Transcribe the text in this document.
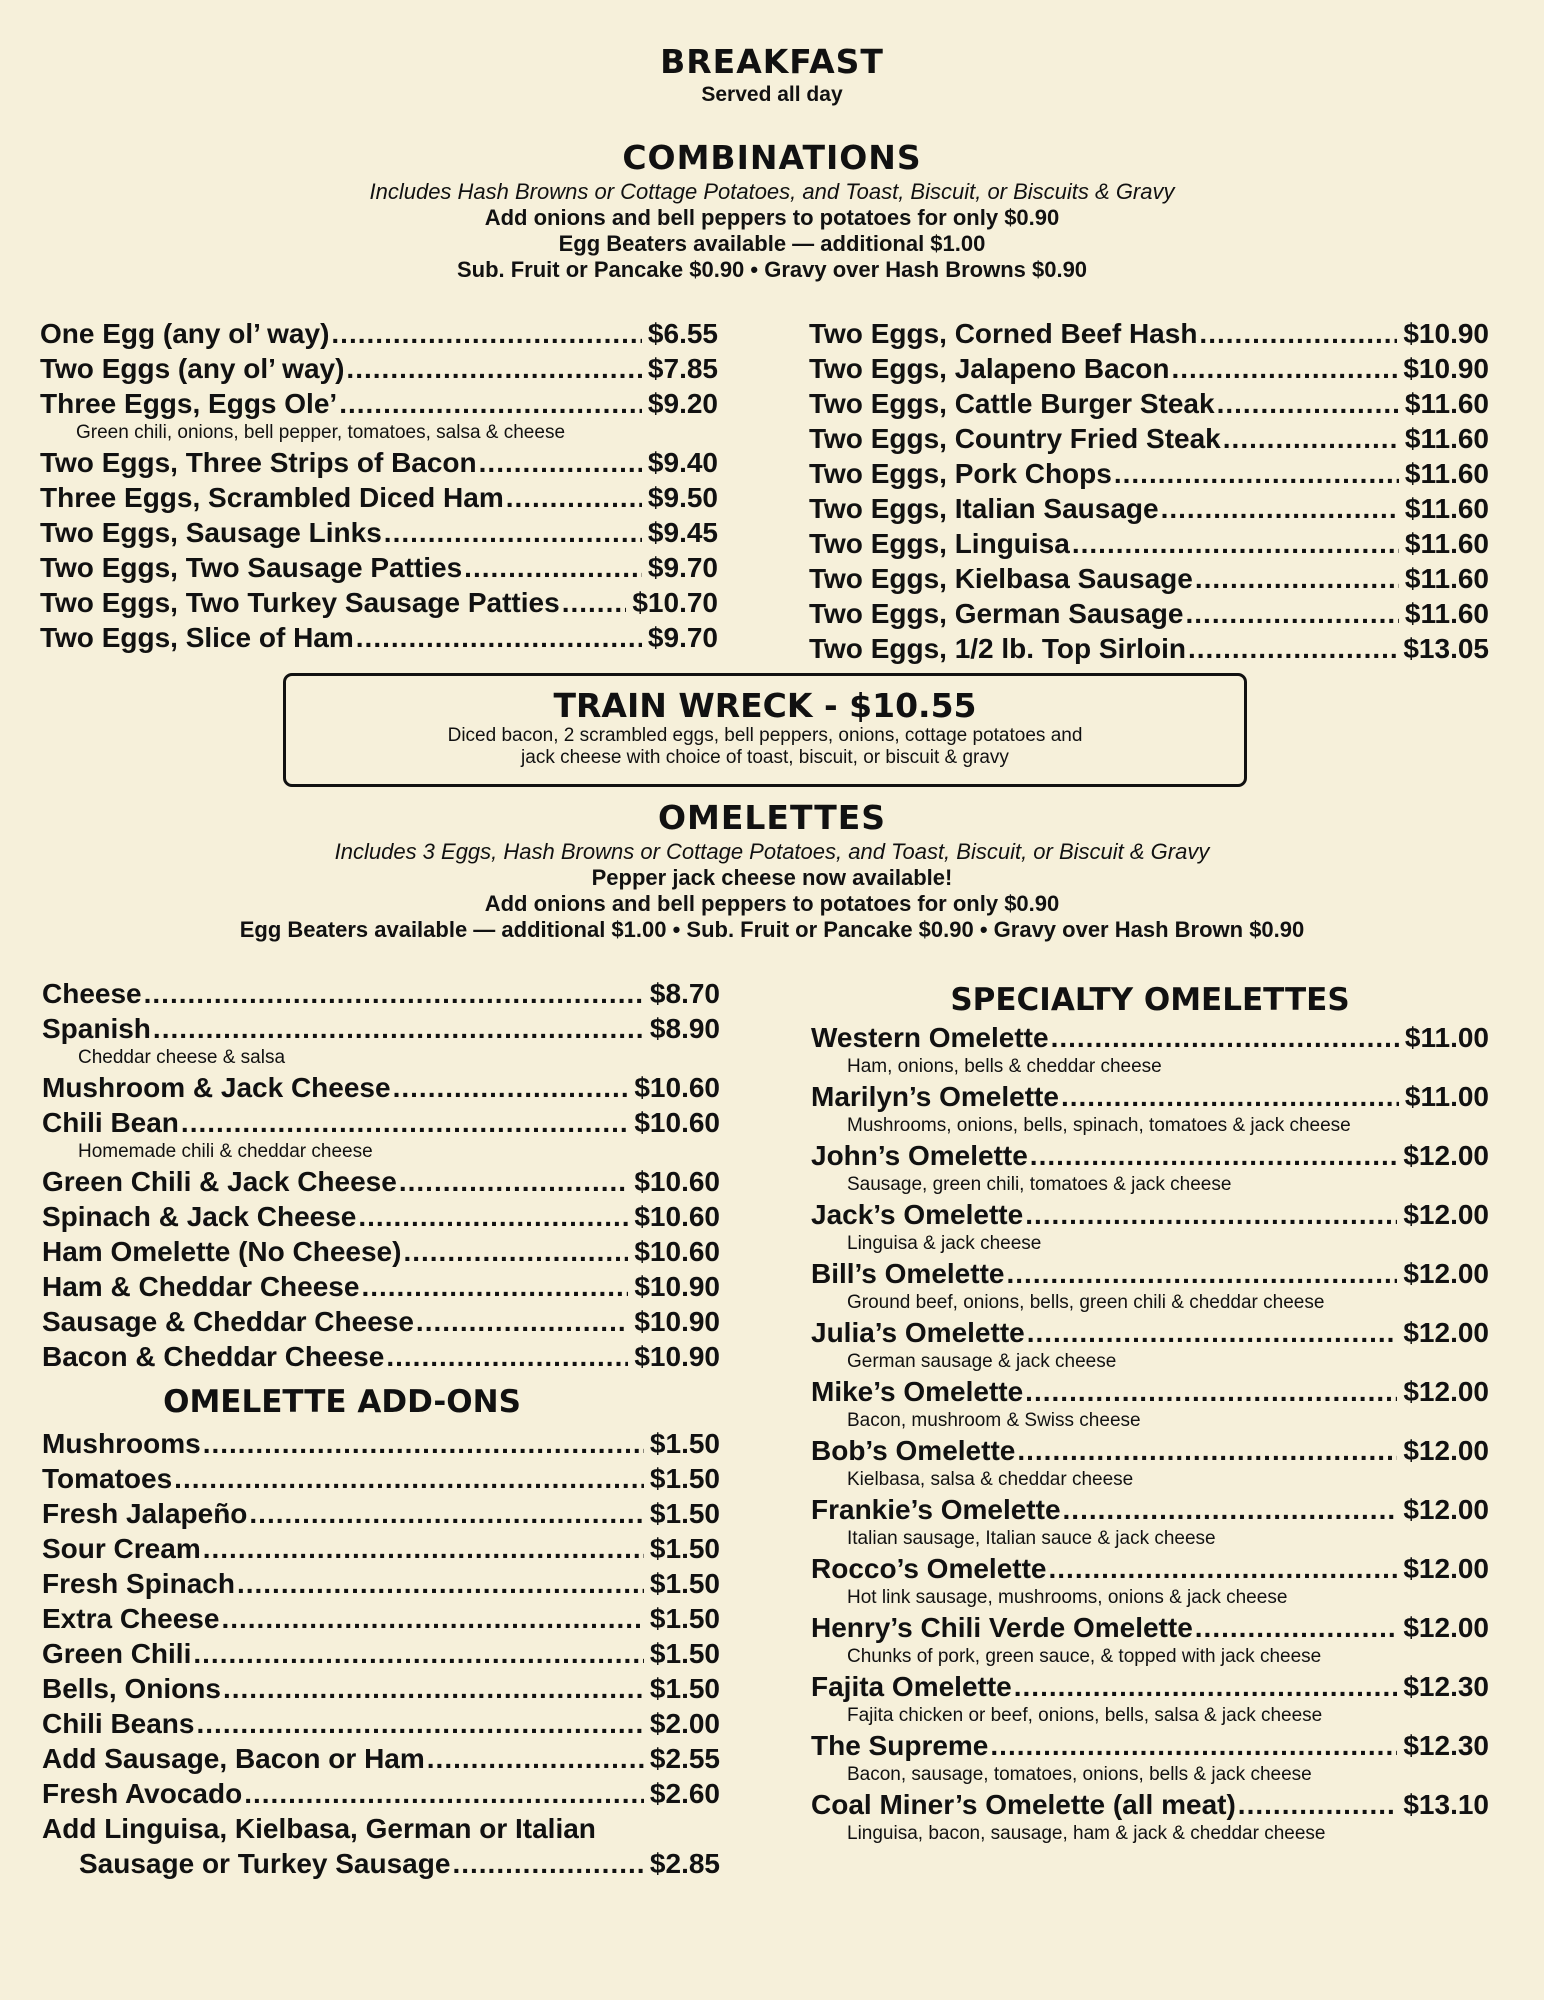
BREAKFAST
Served all day
COMBINATIONS
Includes Hash Browns or Cottage Potatoes, and Toast, Biscuit, or Biscuits & Gravy
Add onions and bell peppers to potatoes for only $0.90
Egg Beaters available — additional $1.00
Sub. Fruit or Pancake $0.90 • Gravy over Hash Browns $0.90
One Egg (any ol’ way) .....	$6.55
Two Eggs (any ol’ way) .....	$7.85
Three Eggs, Eggs Ole’ .....	$9.20
Green chili, onions, bell pepper, tomatoes, salsa & cheese
Two Eggs, Three Strips of Bacon .....	$9.40
Three Eggs, Scrambled Diced Ham .....	$9.50
Two Eggs, Sausage Links .....	$9.45
Two Eggs, Two Sausage Patties .....	$9.70
Two Eggs, Two Turkey Sausage Patties .....	$10.70
Two Eggs, Slice of Ham .....	$9.70
Two Eggs, Corned Beef Hash .....	$10.90
Two Eggs, Jalapeno Bacon .....	$10.90
Two Eggs, Cattle Burger Steak .....	$11.60
Two Eggs, Country Fried Steak .....	$11.60
Two Eggs, Pork Chops .....	$11.60
Two Eggs, Italian Sausage .....	$11.60
Two Eggs, Linguisa .....	$11.60
Two Eggs, Kielbasa Sausage .....	$11.60
Two Eggs, German Sausage .....	$11.60
Two Eggs, 1/2 lb. Top Sirloin .....	$13.05
TRAIN WRECK - $10.55
Diced bacon, 2 scrambled eggs, bell peppers, onions, cottage potatoes and
jack cheese with choice of toast, biscuit, or biscuit & gravy
OMELETTES
Includes 3 Eggs, Hash Browns or Cottage Potatoes, and Toast, Biscuit, or Biscuit & Gravy
Pepper jack cheese now available!
Add onions and bell peppers to potatoes for only $0.90
Egg Beaters available — additional $1.00 • Sub. Fruit or Pancake $0.90 • Gravy over Hash Brown $0.90
Cheese .....	$8.70
Spanish .....	$8.90
Cheddar cheese & salsa
Mushroom & Jack Cheese .....	$10.60
Chili Bean .....	$10.60
Homemade chili & cheddar cheese
Green Chili & Jack Cheese .....	$10.60
Spinach & Jack Cheese .....	$10.60
Ham Omelette (No Cheese) .....	$10.60
Ham & Cheddar Cheese .....	$10.90
Sausage & Cheddar Cheese .....	$10.90
Bacon & Cheddar Cheese .....	$10.90
OMELETTE ADD-ONS
Mushrooms .....	$1.50
Tomatoes .....	$1.50
Fresh Jalapeño .....	$1.50
Sour Cream .....	$1.50
Fresh Spinach .....	$1.50
Extra Cheese .....	$1.50
Green Chili .....	$1.50
Bells, Onions .....	$1.50
Chili Beans .....	$2.00
Add Sausage, Bacon or Ham .....	$2.55
Fresh Avocado .....	$2.60
Add Linguisa, Kielbasa, German or Italian
Sausage or Turkey Sausage .....	$2.85
SPECIALTY OMELETTES
Western Omelette .....	$11.00
Ham, onions, bells & cheddar cheese
Marilyn’s Omelette .....	$11.00
Mushrooms, onions, bells, spinach, tomatoes & jack cheese
John’s Omelette .....	$12.00
Sausage, green chili, tomatoes & jack cheese
Jack’s Omelette .....	$12.00
Linguisa & jack cheese
Bill’s Omelette .....	$12.00
Ground beef, onions, bells, green chili & cheddar cheese
Julia’s Omelette .....	$12.00
German sausage & jack cheese
Mike’s Omelette .....	$12.00
Bacon, mushroom & Swiss cheese
Bob’s Omelette .....	$12.00
Kielbasa, salsa & cheddar cheese
Frankie’s Omelette .....	$12.00
Italian sausage, Italian sauce & jack cheese
Rocco’s Omelette .....	$12.00
Hot link sausage, mushrooms, onions & jack cheese
Henry’s Chili Verde Omelette .....	$12.00
Chunks of pork, green sauce, & topped with jack cheese
Fajita Omelette .....	$12.30
Fajita chicken or beef, onions, bells, salsa & jack cheese
The Supreme .....	$12.30
Bacon, sausage, tomatoes, onions, bells & jack cheese
Coal Miner’s Omelette (all meat) .....	$13.10
Linguisa, bacon, sausage, ham & jack & cheddar cheese
